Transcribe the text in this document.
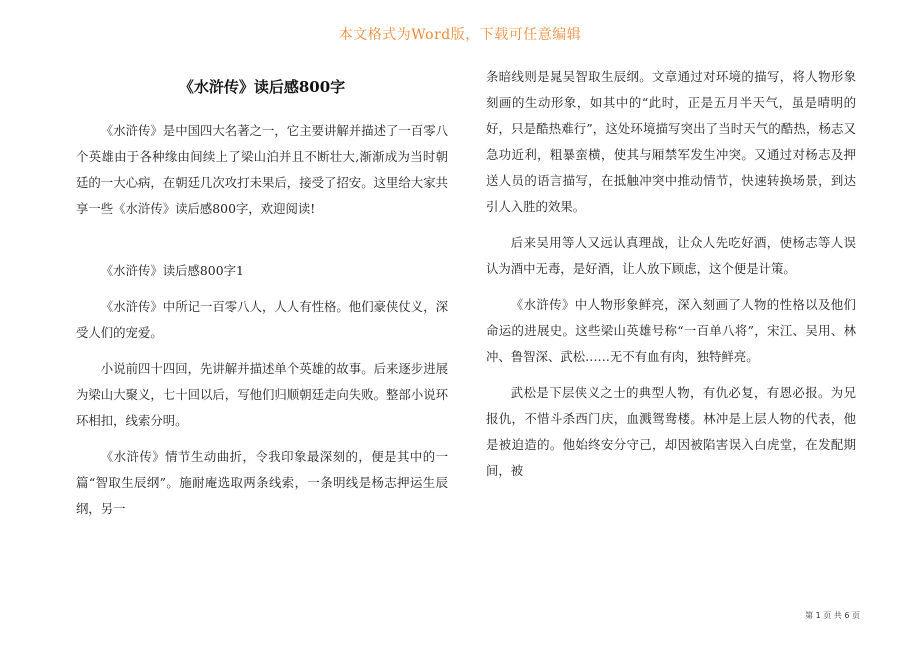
本文格式为Word版，下载可任意编辑
《水浒传》读后感800字

《水浒传》是中国四大名著之一，它主要讲解并描述了一百零八个英雄由于各种缘由间续上了梁山泊并且不断壮大,渐渐成为当时朝廷的一大心病，在朝廷几次攻打未果后，接受了招安。这里给大家共享一些《水浒传》读后感800字，欢迎阅读!

《水浒传》读后感800字1

《水浒传》中所记一百零八人，人人有性格。他们豪侠仗义，深受人们的宠爱。

小说前四十四回，先讲解并描述单个英雄的故事。后来逐步进展为梁山大聚义，七十回以后，写他们归顺朝廷走向失败。整部小说环环相扣，线索分明。

《水浒传》情节生动曲折，令我印象最深刻的，便是其中的一篇“智取生辰纲”。施耐庵选取两条线索，一条明线是杨志押运生辰纲，另一

条暗线则是晁吴智取生辰纲。文章通过对环境的描写，将人物形象刻画的生动形象，如其中的“此时，正是五月半天气，虽是晴明的好，只是酷热难行”，这处环境描写突出了当时天气的酷热，杨志又急功近利，粗暴蛮横，使其与厢禁军发生冲突。又通过对杨志及押送人员的语言描写，在抵触冲突中推动情节，快速转换场景，到达引人入胜的效果。

后来吴用等人又远认真理战，让众人先吃好酒，使杨志等人误认为酒中无毒，是好酒，让人放下顾虑，这个便是计策。

《水浒传》中人物形象鲜亮，深入刻画了人物的性格以及他们命运的进展史。这些梁山英雄号称“一百单八将”，宋江、吴用、林冲、鲁智深、武松……无不有血有肉，独特鲜亮。

武松是下层侠义之士的典型人物，有仇必复，有恩必报。为兄报仇，不惜斗杀西门庆，血溅鸳鸯楼。林冲是上层人物的代表，他是被迫造的。他始终安分守己，却因被陷害误入白虎堂，在发配期间，被

第 1 页 共 6 页
